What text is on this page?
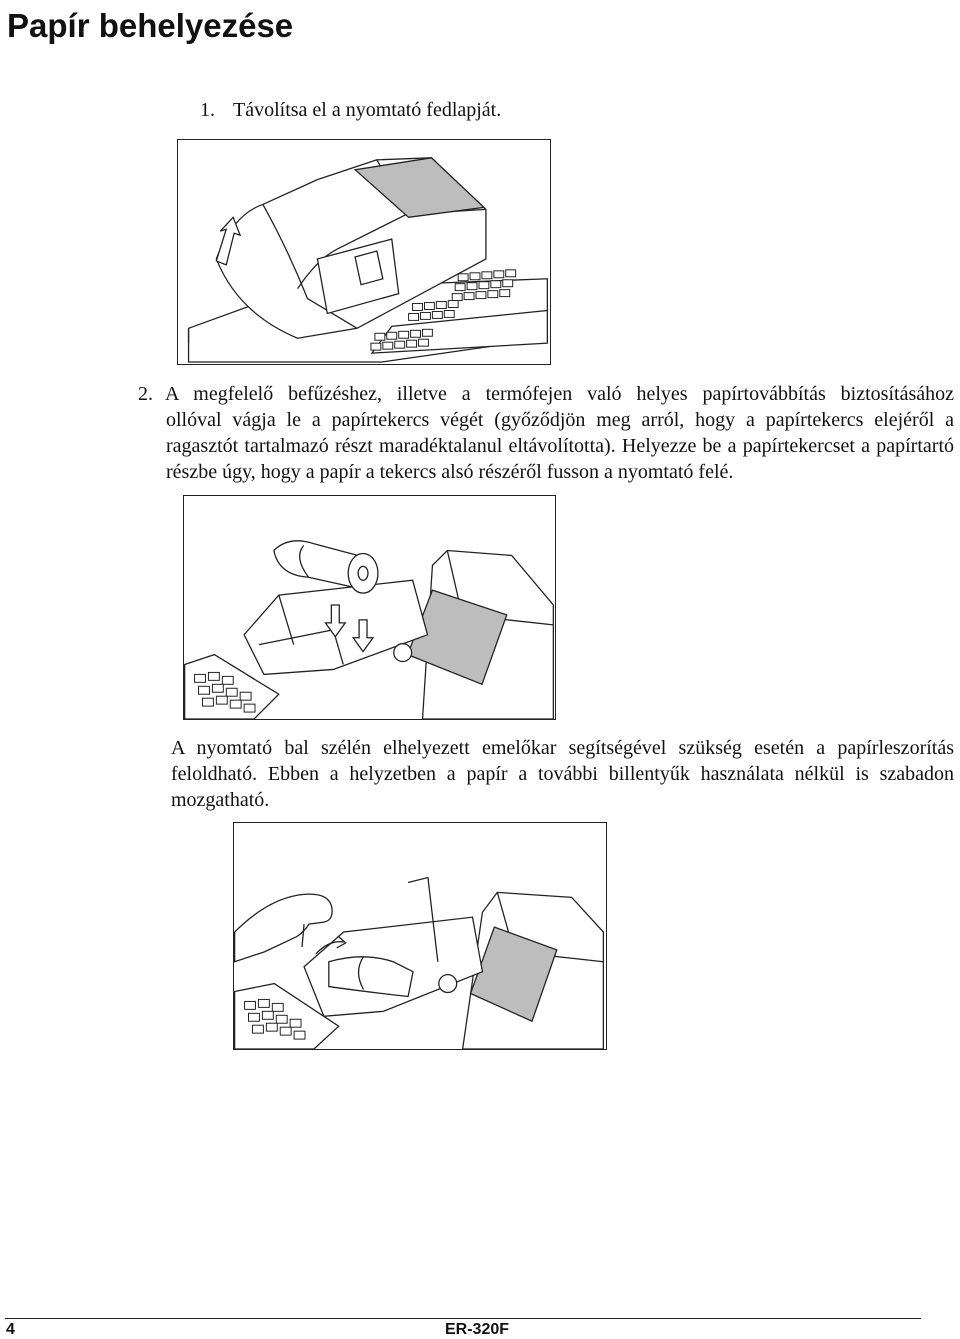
Papír behelyezése

1. Távolítsa el a nyomtató fedlapját.

2. A megfelelő befűzéshez, illetve a termófejen való helyes papírtovábbítás biztosításához
ollóval vágja le a papírtekercs végét (győződjön meg arról, hogy a papírtekercs elejéről a ragasztót tartalmazó részt maradéktalanul eltávolította). Helyezze be a papírtekercset a papírtartó részbe úgy, hogy a papír a tekercs alsó részéről fusson a nyomtató felé.

A nyomtató bal szélén elhelyezett emelőkar segítségével szükség esetén a papírleszorítás feloldható. Ebben a helyzetben a papír a további billentyűk használata nélkül is szabadon mozgatható.

4	ER-320F
